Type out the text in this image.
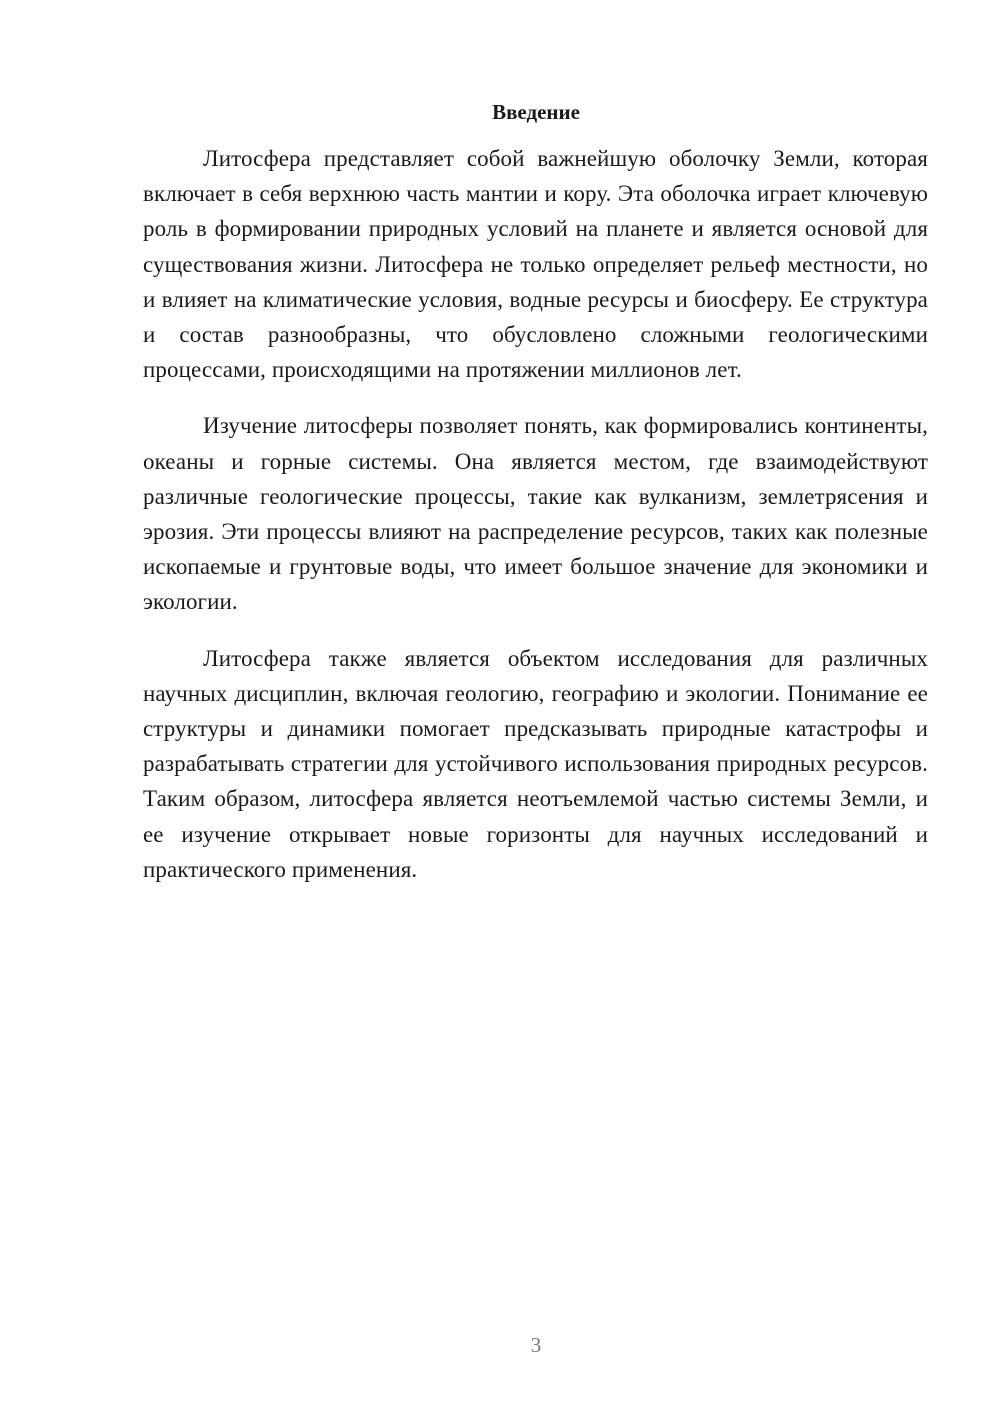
Введение

Литосфера представляет собой важнейшую оболочку Земли, которая включает в себя верхнюю часть мантии и кору. Эта оболочка играет ключевую роль в формировании природных условий на планете и является основой для существования жизни. Литосфера не только определяет рельеф местности, но и влияет на климатические условия, водные ресурсы и биосферу. Ее структура и состав разнообразны, что обусловлено сложными геологическими процессами, происходящими на протяжении миллионов лет.

Изучение литосферы позволяет понять, как формировались континенты, океаны и горные системы. Она является местом, где взаимодействуют различные геологические процессы, такие как вулканизм, землетрясения и эрозия. Эти процессы влияют на распределение ресурсов, таких как полезные ископаемые и грунтовые воды, что имеет большое значение для экономики и экологии.

Литосфера также является объектом исследования для различных научных дисциплин, включая геологию, географию и экологии. Понимание ее структуры и динамики помогает предсказывать природные катастрофы и разрабатывать стратегии для устойчивого использования природных ресурсов. Таким образом, литосфера является неотъемлемой частью системы Земли, и ее изучение открывает новые горизонты для научных исследований и практического применения.

3
